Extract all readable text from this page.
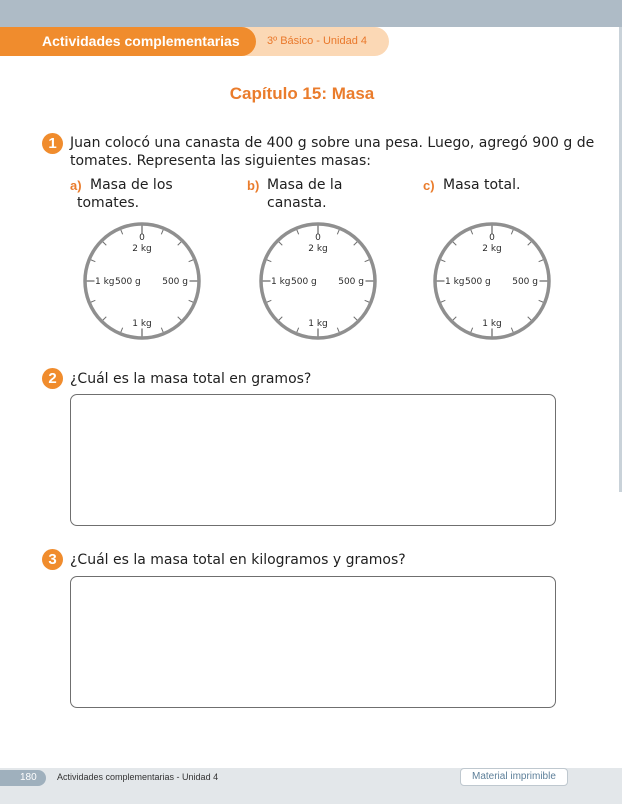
3º Básico - Unidad 4
Actividades complementarias
Capítulo 15: Masa
1 Juan colocó una canasta de 400 g sobre una pesa. Luego, agregó 900 g de
tomates. Representa las siguientes masas:
a) Masa de los
tomates.
b) Masa de la
canasta.
c) Masa total.
0
2 kg
500 g
1 kg 500 g
1 kg
0
2 kg
500 g
1 kg 500 g
1 kg
0
2 kg
500 g
1 kg 500 g
1 kg
2 ¿Cuál es la masa total en gramos?
3 ¿Cuál es la masa total en kilogramos y gramos?
180 Actividades complementarias - Unidad 4	Material imprimible
